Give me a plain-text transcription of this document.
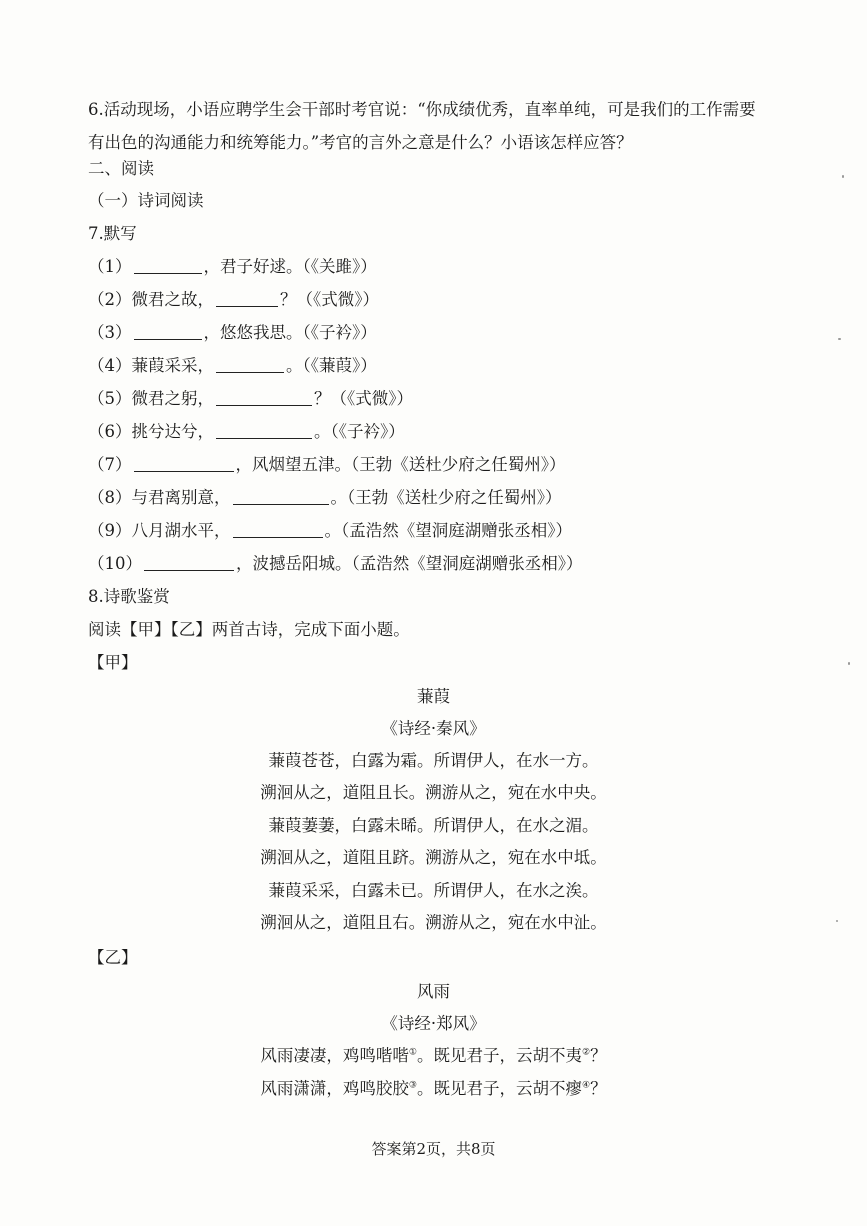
6.活动现场，小语应聘学生会干部时考官说：“你成绩优秀，直率单纯，可是我们的工作需要
有出色的沟通能力和统筹能力。”考官的言外之意是什么？小语该怎样应答？
二、阅读
（一）诗词阅读
7.默写
（1）	，君子好逑。（《关雎》）
（2）微君之故，	？（《式微》）
（3）	，悠悠我思。（《子衿》）
（4）蒹葭采采，	。（《蒹葭》）
（5）微君之躬，	？（《式微》）
（6）挑兮达兮，	。（《子衿》）
（7）	，风烟望五津。（王勃《送杜少府之任蜀州》）
（8）与君离别意，	。（王勃《送杜少府之任蜀州》）
（9）八月湖水平，	。（孟浩然《望洞庭湖赠张丞相》）
（10）	，波撼岳阳城。（孟浩然《望洞庭湖赠张丞相》）
8.诗歌鉴赏
阅读【甲】【乙】两首古诗，完成下面小题。
【甲】
蒹葭
《诗经·秦风》
蒹葭苍苍，白露为霜。所谓伊人，在水一方。
溯洄从之，道阻且长。溯游从之，宛在水中央。
蒹葭萋萋，白露未晞。所谓伊人，在水之湄。
溯洄从之，道阻且跻。溯游从之，宛在水中坻。
蒹葭采采，白露未已。所谓伊人，在水之涘。
溯洄从之，道阻且右。溯游从之，宛在水中沚。
【乙】
风雨
《诗经·郑风》
风雨凄凄，鸡鸣喈喈①。既见君子，云胡不夷②？
风雨潇潇，鸡鸣胶胶③。既见君子，云胡不瘳④？
答案第2页，共8页
